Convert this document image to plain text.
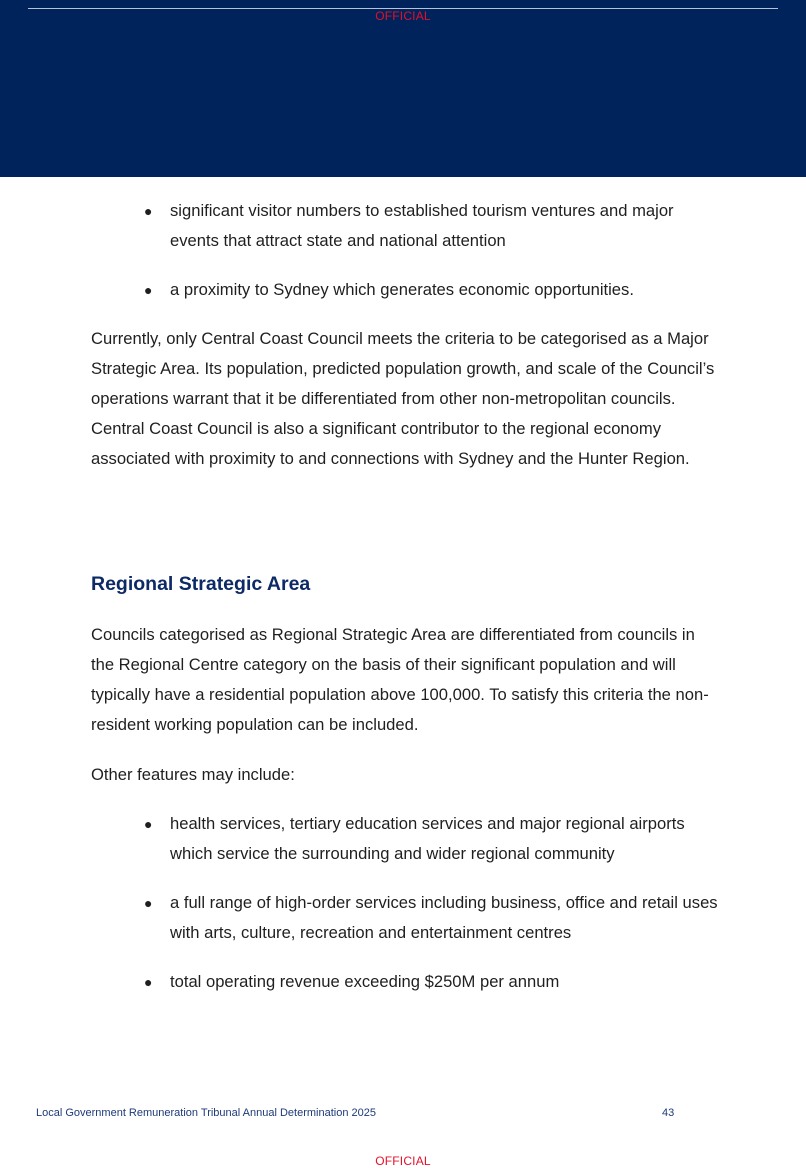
OFFICIAL
● significant visitor numbers to established tourism ventures and major events that attract state and national attention
● a proximity to Sydney which generates economic opportunities.

Currently, only Central Coast Council meets the criteria to be categorised as a Major Strategic Area. Its population, predicted population growth, and scale of the Council’s operations warrant that it be differentiated from other non-metropolitan councils. Central Coast Council is also a significant contributor to the regional economy associated with proximity to and connections with Sydney and the Hunter Region.

Regional Strategic Area

Councils categorised as Regional Strategic Area are differentiated from councils in the Regional Centre category on the basis of their significant population and will typically have a residential population above 100,000. To satisfy this criteria the non-resident working population can be included.

Other features may include:

● health services, tertiary education services and major regional airports which service the surrounding and wider regional community
● a full range of high-order services including business, office and retail uses with arts, culture, recreation and entertainment centres
● total operating revenue exceeding $250M per annum
Local Government Remuneration Tribunal Annual Determination 2025	43
OFFICIAL
